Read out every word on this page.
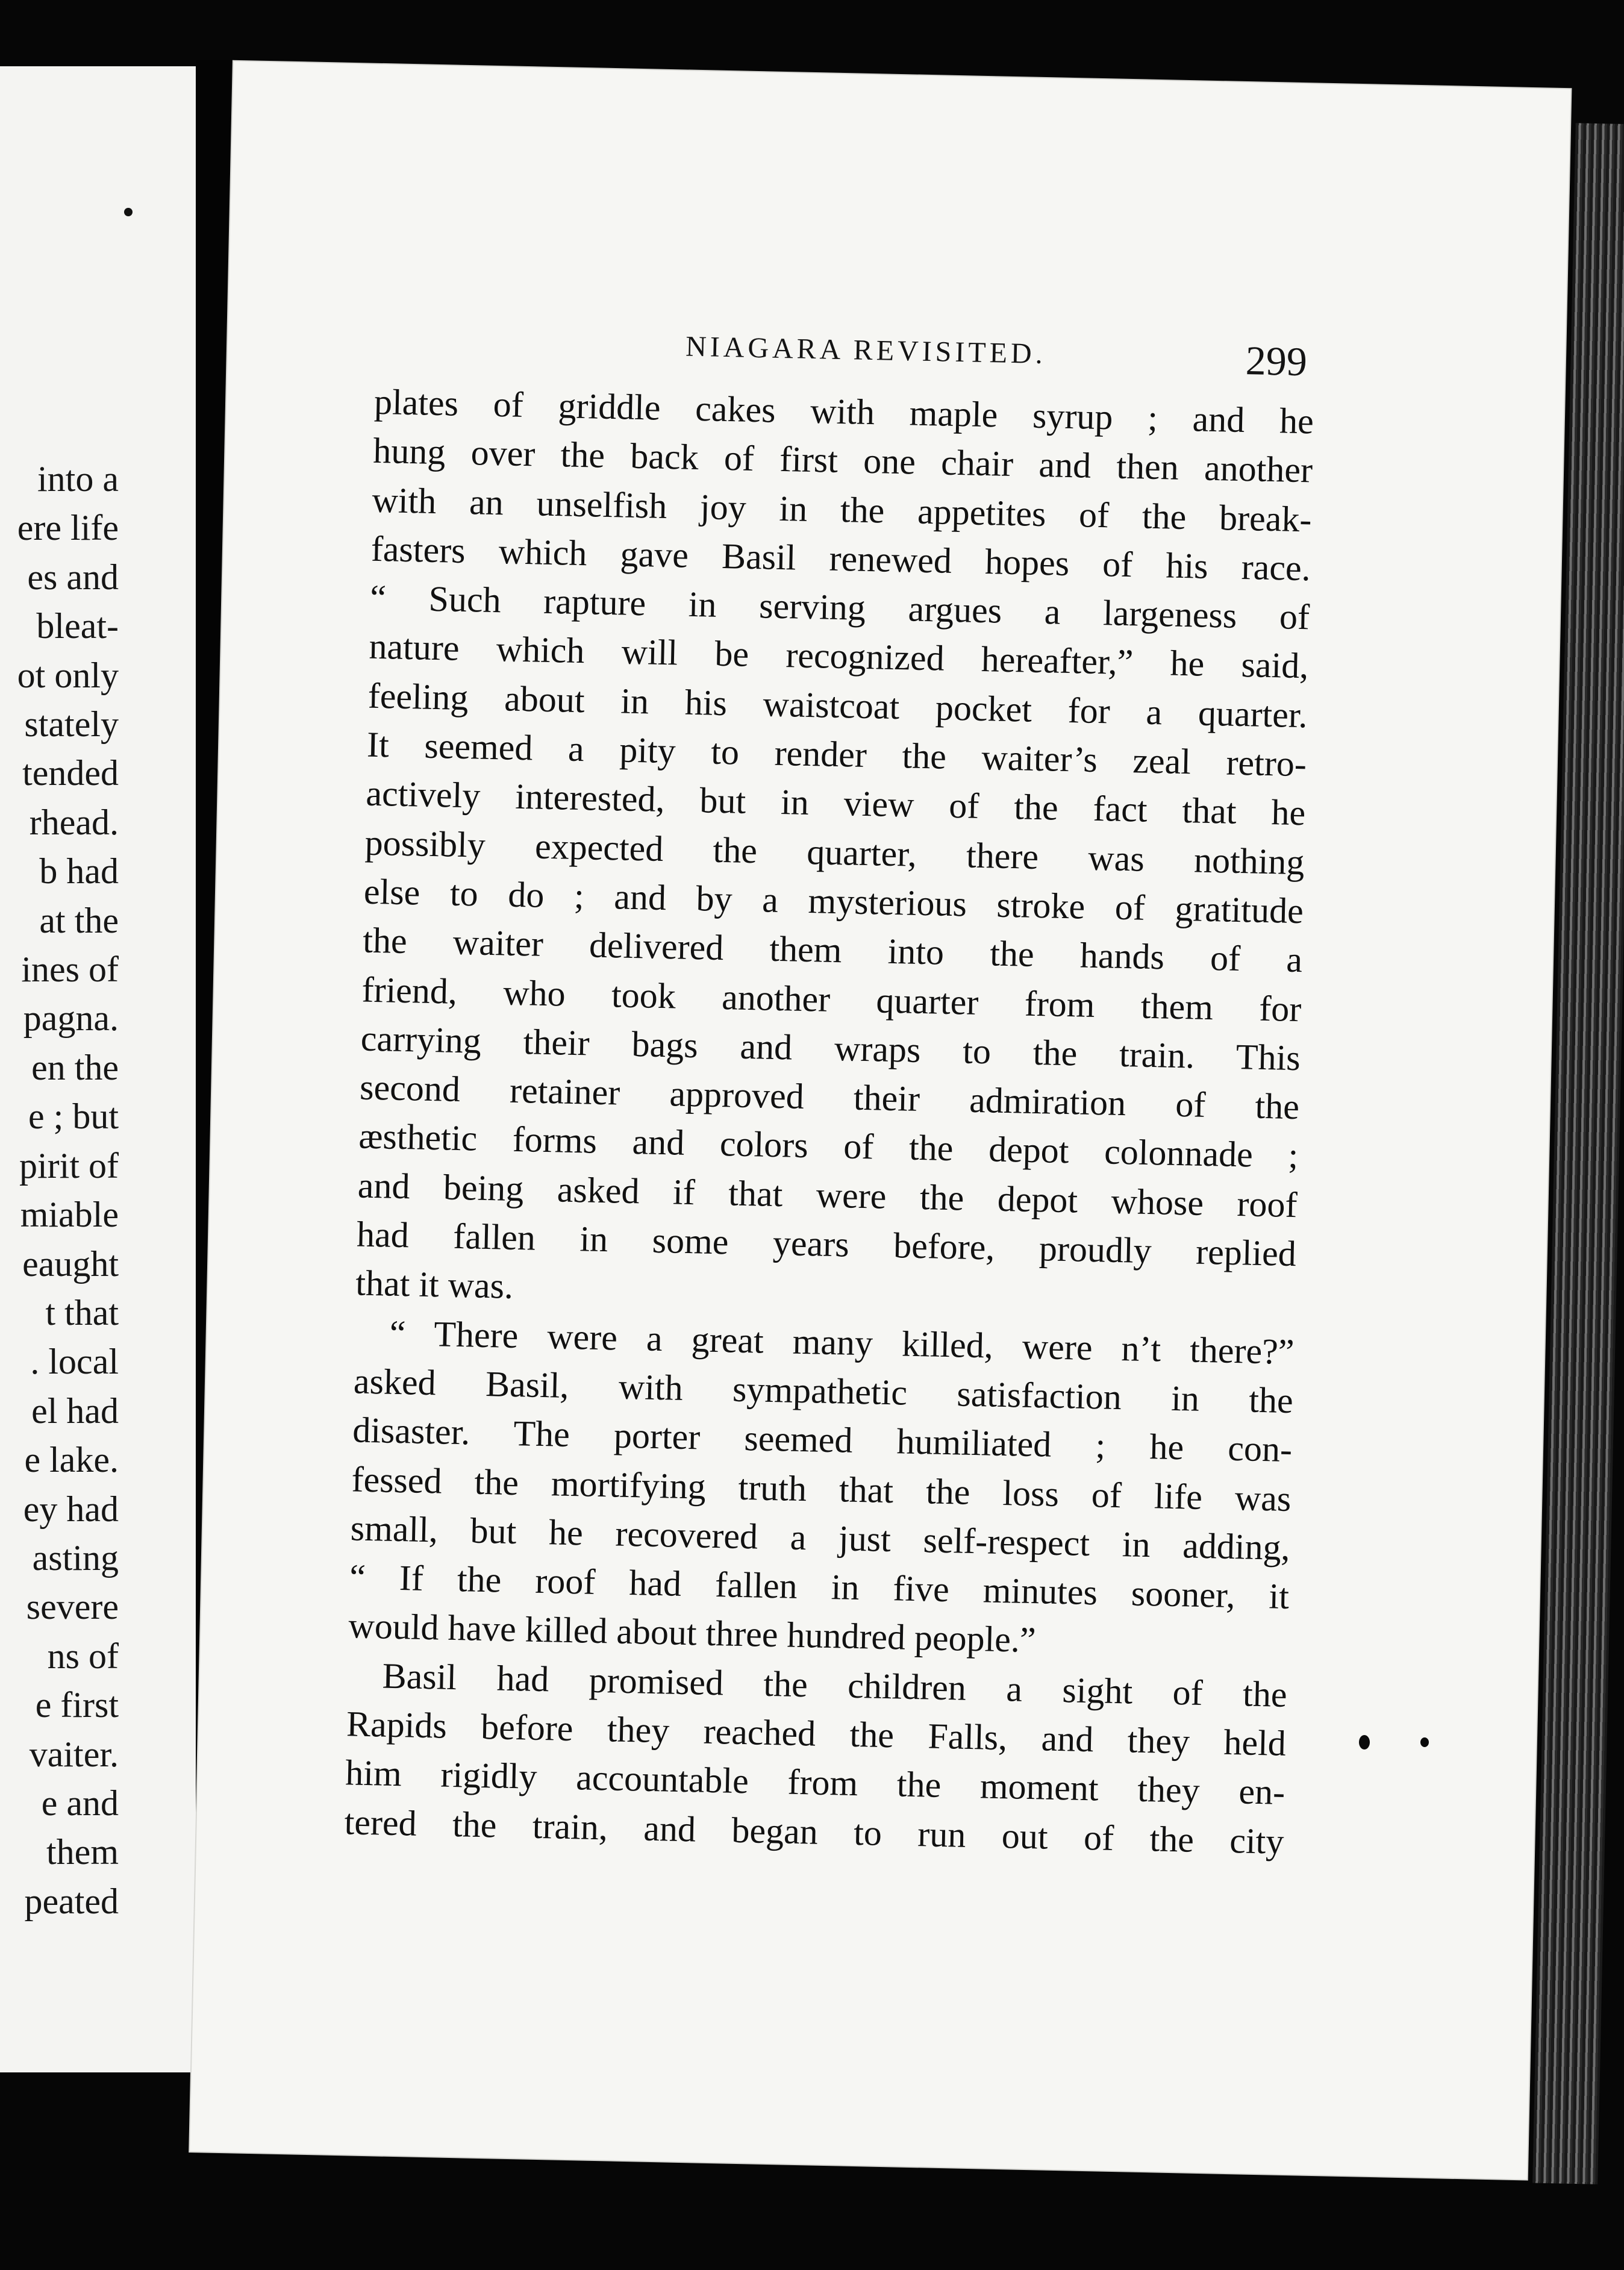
into a
ere life
es and
bleat-
ot only
stately
tended
rhead.
b had
at the
ines of
pagna.
en the
e ; but
pirit of
miable
eaught
t that
. local
el had
e lake.
ey had
asting
severe
ns of
e first
vaiter.
e and
them
peated
NIAGARA REVISITED.	299
plates of griddle cakes with maple syrup ; and he
hung over the back of first one chair and then another
with an unselfish joy in the appetites of the break-
fasters which gave Basil renewed hopes of his race.
“ Such rapture in serving argues a largeness of
nature which will be recognized hereafter,” he said,
feeling about in his waistcoat pocket for a quarter.
It seemed a pity to render the waiter’s zeal retro-
actively interested, but in view of the fact that he
possibly expected the quarter, there was nothing
else to do ; and by a mysterious stroke of gratitude
the waiter delivered them into the hands of a
friend, who took another quarter from them for
carrying their bags and wraps to the train. This
second retainer approved their admiration of the
æsthetic forms and colors of the depot colonnade ;
and being asked if that were the depot whose roof
had fallen in some years before, proudly replied
that it was.
“ There were a great many killed, were n’t there?”
asked Basil, with sympathetic satisfaction in the
disaster. The porter seemed humiliated ; he con-
fessed the mortifying truth that the loss of life was
small, but he recovered a just self-respect in adding,
“ If the roof had fallen in five minutes sooner, it
would have killed about three hundred people.”
Basil had promised the children a sight of the
Rapids before they reached the Falls, and they held
him rigidly accountable from the moment they en-
tered the train, and began to run out of the city
